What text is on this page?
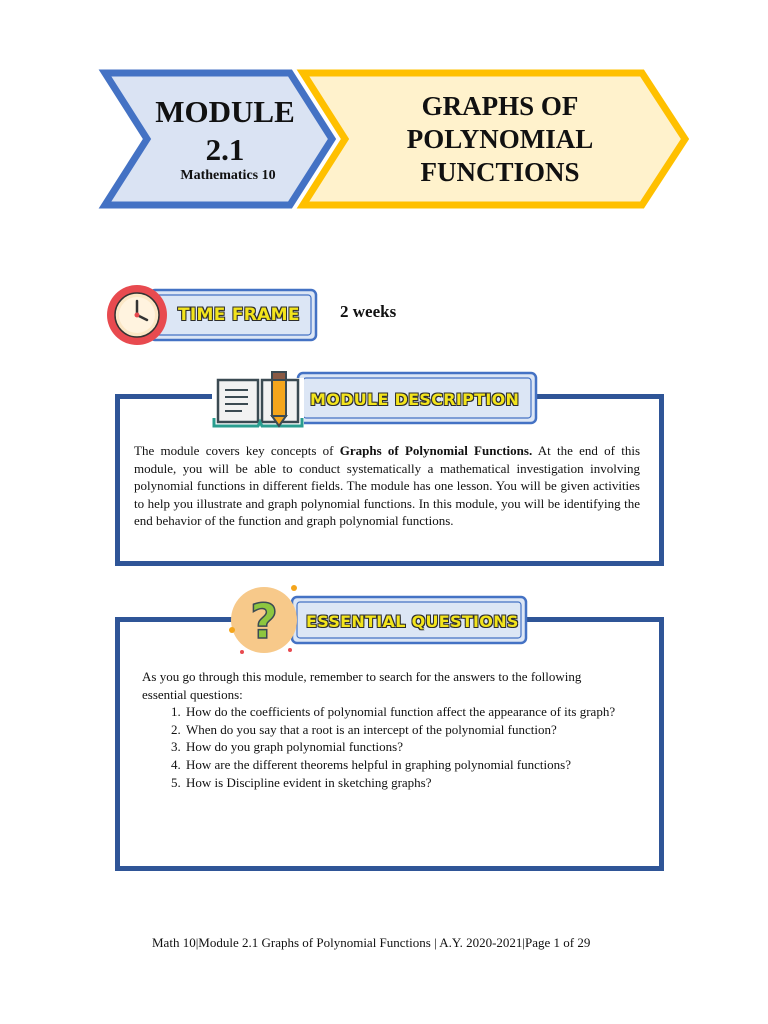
MODULE
2.1
Mathematics 10
GRAPHS OF
POLYNOMIAL
FUNCTIONS
TIME FRAME 2 weeks
MODULE DESCRIPTION
The module covers key concepts of Graphs of Polynomial Functions. At the end of this module, you will be able to conduct systematically a mathematical investigation involving polynomial functions in different fields. The module has one lesson. You will be given activities to help you illustrate and graph polynomial functions. In this module, you will be identifying the end behavior of the function and graph polynomial functions.
? ESSENTIAL QUESTIONS
As you go through this module, remember to search for the answers to the following essential questions:
1. How do the coefficients of polynomial function affect the appearance of its graph?
2. When do you say that a root is an intercept of the polynomial function?
3. How do you graph polynomial functions?
4. How are the different theorems helpful in graphing polynomial functions?
5. How is Discipline evident in sketching graphs?
Math 10|Module 2.1 Graphs of Polynomial Functions | A.Y. 2020-2021|Page 1 of 29
